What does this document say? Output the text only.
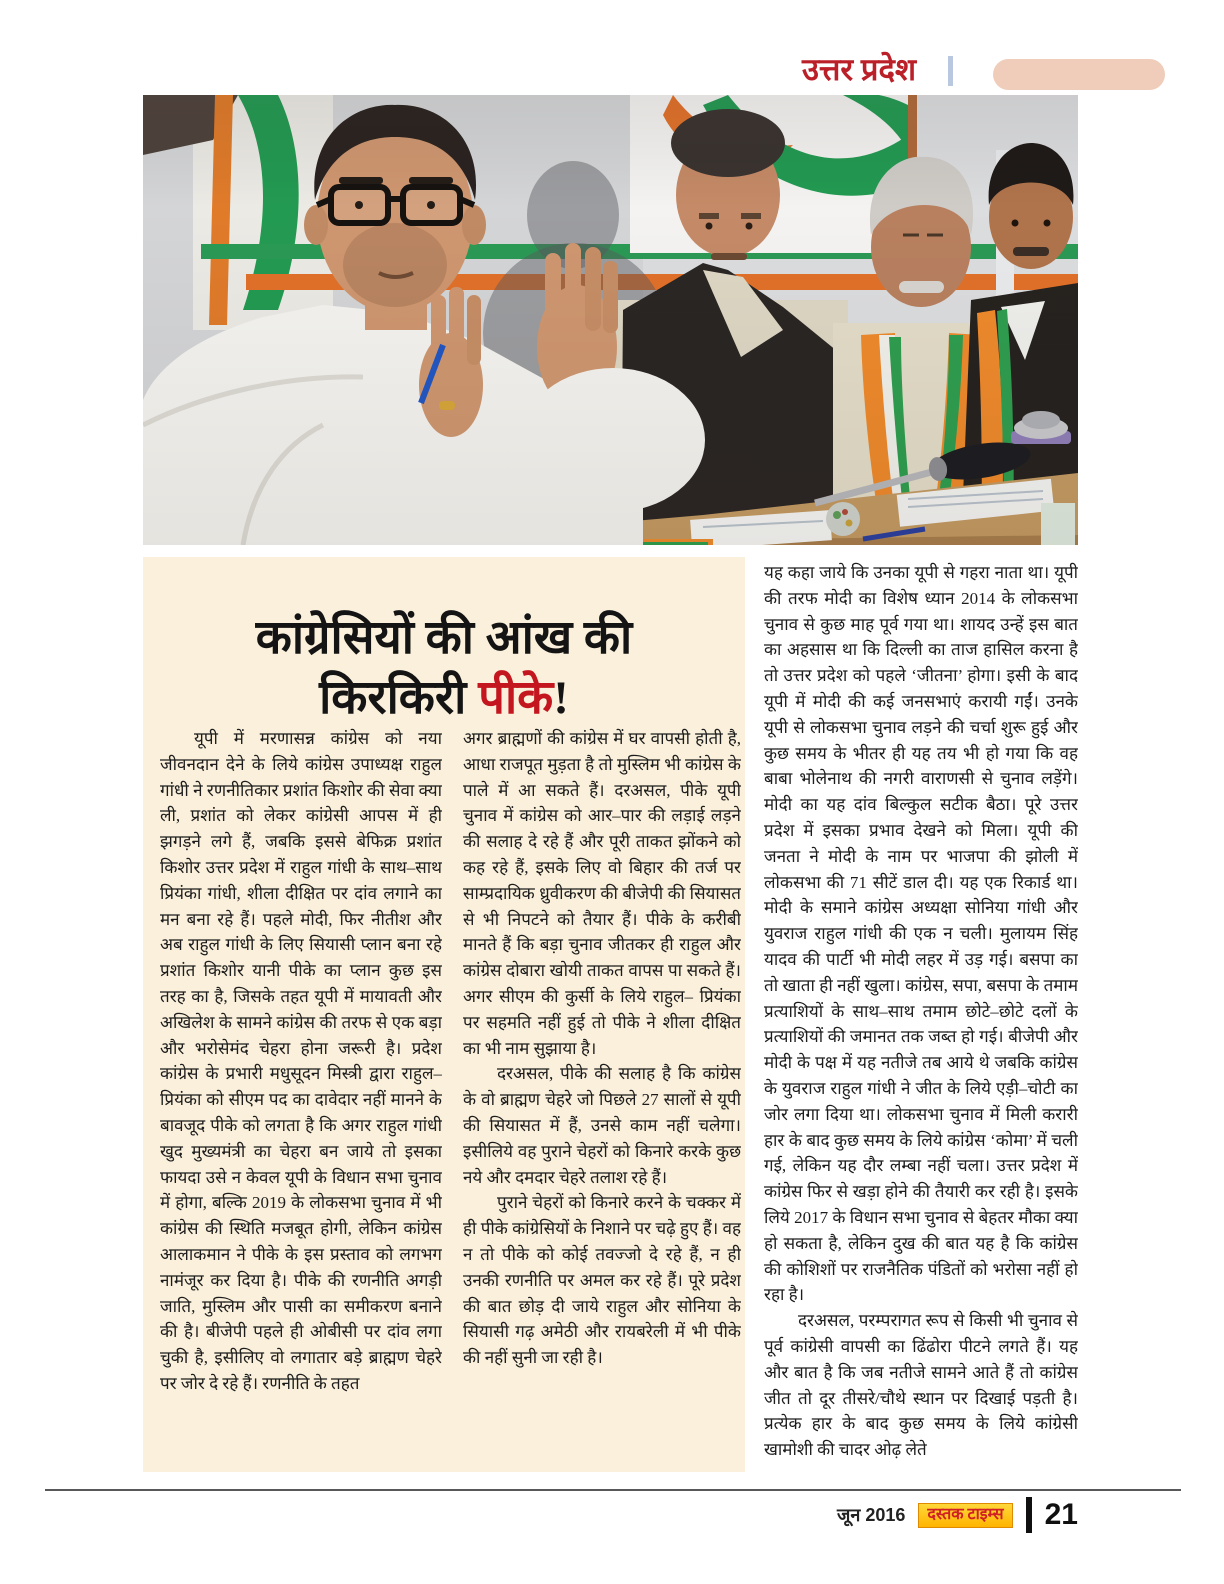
उत्तर प्रदेश
कांग्रेसियों की आंख की
किरकिरी पीके!

यूपी में मरणासन्न कांग्रेस को नया जीवनदान देने के लिये कांग्रेस उपाध्यक्ष राहुल गांधी ने रणनीतिकार प्रशांत किशोर की सेवा क्या ली, प्रशांत को लेकर कांग्रेसी आपस में ही झगड़ने लगे हैं, जबकि इससे बेफिक्र प्रशांत किशोर उत्तर प्रदेश में राहुल गांधी के साथ–साथ प्रियंका गांधी, शीला दीक्षित पर दांव लगाने का मन बना रहे हैं। पहले मोदी, फिर नीतीश और अब राहुल गांधी के लिए सियासी प्लान बना रहे प्रशांत किशोर यानी पीके का प्लान कुछ इस तरह का है, जिसके तहत यूपी में मायावती और अखिलेश के सामने कांग्रेस की तरफ से एक बड़ा और भरोसेमंद चेहरा होना जरूरी है। प्रदेश कांग्रेस के प्रभारी मधुसूदन मिस्त्री द्वारा राहुल–प्रियंका को सीएम पद का दावेदार नहीं मानने के बावजूद पीके को लगता है कि अगर राहुल गांधी खुद मुख्यमंत्री का चेहरा बन जाये तो इसका फायदा उसे न केवल यूपी के विधान सभा चुनाव में होगा, बल्कि 2019 के लोकसभा चुनाव में भी कांग्रेस की स्थिति मजबूत होगी, लेकिन कांग्रेस आलाकमान ने पीके के इस प्रस्ताव को लगभग नामंजूर कर दिया है। पीके की रणनीति अगड़ी जाति, मुस्लिम और पासी का समीकरण बनाने की है। बीजेपी पहले ही ओबीसी पर दांव लगा चुकी है, इसीलिए वो लगातार बड़े ब्राह्मण चेहरे पर जोर दे रहे हैं। रणनीति के तहत

अगर ब्राह्मणों की कांग्रेस में घर वापसी होती है, आधा राजपूत मुड़ता है तो मुस्लिम भी कांग्रेस के पाले में आ सकते हैं। दरअसल, पीके यूपी चुनाव में कांग्रेस को आर–पार की लड़ाई लड़ने की सलाह दे रहे हैं और पूरी ताकत झोंकने को कह रहे हैं, इसके लिए वो बिहार की तर्ज पर साम्प्रदायिक ध्रुवीकरण की बीजेपी की सियासत से भी निपटने को तैयार हैं। पीके के करीबी मानते हैं कि बड़ा चुनाव जीतकर ही राहुल और कांग्रेस दोबारा खोयी ताकत वापस पा सकते हैं। अगर सीएम की कुर्सी के लिये राहुल– प्रियंका पर सहमति नहीं हुई तो पीके ने शीला दीक्षित का भी नाम सुझाया है।

दरअसल, पीके की सलाह है कि कांग्रेस के वो ब्राह्मण चेहरे जो पिछले 27 सालों से यूपी की सियासत में हैं, उनसे काम नहीं चलेगा। इसीलिये वह पुराने चेहरों को किनारे करके कुछ नये और दमदार चेहरे तलाश रहे हैं।

पुराने चेहरों को किनारे करने के चक्कर में ही पीके कांग्रेसियों के निशाने पर चढ़े हुए हैं। वह न तो पीके को कोई तवज्जो दे रहे हैं, न ही उनकी रणनीति पर अमल कर रहे हैं। पूरे प्रदेश की बात छोड़ दी जाये राहुल और सोनिया के सियासी गढ़ अमेठी और रायबरेली में भी पीके की नहीं सुनी जा रही है।

यह कहा जाये कि उनका यूपी से गहरा नाता था। यूपी की तरफ मोदी का विशेष ध्यान 2014 के लोकसभा चुनाव से कुछ माह पूर्व गया था। शायद उन्हें इस बात का अहसास था कि दिल्ली का ताज हासिल करना है तो उत्तर प्रदेश को पहले ‘जीतना’ होगा। इसी के बाद यूपी में मोदी की कई जनसभाएं करायी गईं। उनके यूपी से लोकसभा चुनाव लड़ने की चर्चा शुरू हुई और कुछ समय के भीतर ही यह तय भी हो गया कि वह बाबा भोलेनाथ की नगरी वाराणसी से चुनाव लड़ेंगे। मोदी का यह दांव बिल्कुल सटीक बैठा। पूरे उत्तर प्रदेश में इसका प्रभाव देखने को मिला। यूपी की जनता ने मोदी के नाम पर भाजपा की झोली में लोकसभा की 71 सीटें डाल दी। यह एक रिकार्ड था। मोदी के समाने कांग्रेस अध्यक्षा सोनिया गांधी और युवराज राहुल गांधी की एक न चली। मुलायम सिंह यादव की पार्टी भी मोदी लहर में उड़ गई। बसपा का तो खाता ही नहीं खुला। कांग्रेस, सपा, बसपा के तमाम प्रत्याशियों के साथ–साथ तमाम छोटे–छोटे दलों के प्रत्याशियों की जमानत तक जब्त हो गई। बीजेपी और मोदी के पक्ष में यह नतीजे तब आये थे जबकि कांग्रेस के युवराज राहुल गांधी ने जीत के लिये एड़ी–चोटी का जोर लगा दिया था। लोकसभा चुनाव में मिली करारी हार के बाद कुछ समय के लिये कांग्रेस ‘कोमा’ में चली गई, लेकिन यह दौर लम्बा नहीं चला। उत्तर प्रदेश में कांग्रेस फिर से खड़ा होने की तैयारी कर रही है। इसके लिये 2017 के विधान सभा चुनाव से बेहतर मौका क्या हो सकता है, लेकिन दुख की बात यह है कि कांग्रेस की कोशिशों पर राजनैतिक पंडितों को भरोसा नहीं हो रहा है।

दरअसल, परम्परागत रूप से किसी भी चुनाव से पूर्व कांग्रेसी वापसी का ढिंढोरा पीटने लगते हैं। यह और बात है कि जब नतीजे सामने आते हैं तो कांग्रेस जीत तो दूर तीसरे/चौथे स्थान पर दिखाई पड़ती है। प्रत्येक हार के बाद कुछ समय के लिये कांग्रेसी खामोशी की चादर ओढ़ लेते

जून 2016	दस्तक टाइम्स	21
